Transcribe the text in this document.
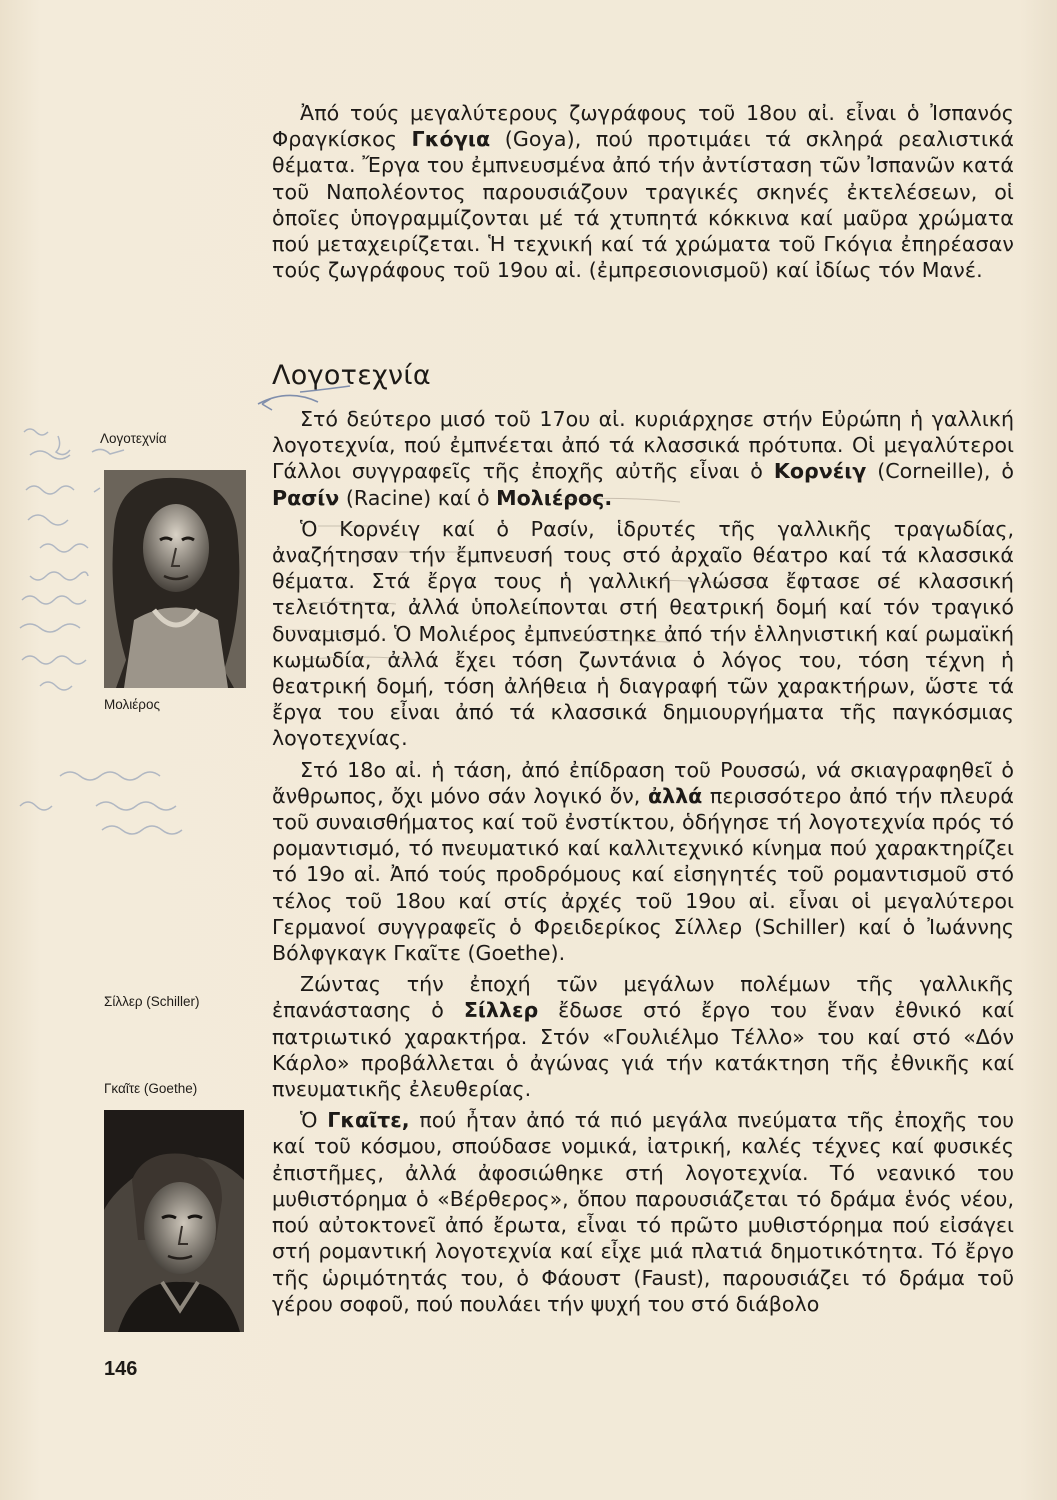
Ἀπό τούς μεγαλύτερους ζωγράφους τοῦ 18ου αἰ. εἶναι ὁ Ἰσπανός Φραγκίσκος Γκόγια (Goya), πού προτιμάει τά σκληρά ρεαλιστικά θέματα. Ἔργα του ἐμπνευσμένα ἀπό τήν ἀντίσταση τῶν Ἰσπανῶν κατά τοῦ Ναπολέοντος παρουσιάζουν τραγικές σκηνές ἐκτελέσεων, οἱ ὁποῖες ὑπογραμμίζονται μέ τά χτυπητά κόκκινα καί μαῦρα χρώματα πού μεταχειρίζεται. Ἡ τεχνική καί τά χρώματα τοῦ Γκόγια ἐπηρέασαν τούς ζωγράφους τοῦ 19ου αἰ. (ἐμπρεσιονισμοῦ) καί ἰδίως τόν Μανέ.

Λογοτεχνία

Στό δεύτερο μισό τοῦ 17ου αἰ. κυριάρχησε στήν Εὐρώπη ἡ γαλλική λογοτεχνία, πού ἐμπνέεται ἀπό τά κλασσικά πρότυπα. Οἱ μεγαλύτεροι Γάλλοι συγγραφεῖς τῆς ἐποχῆς αὐτῆς εἶναι ὁ Κορνέιγ (Corneille), ὁ Ρασίν (Racine) καί ὁ Μολιέρος.

Ὁ Κορνέιγ καί ὁ Ρασίν, ἱδρυτές τῆς γαλλικῆς τραγωδίας, ἀναζήτησαν τήν ἔμπνευσή τους στό ἀρχαῖο θέατρο καί τά κλασσικά θέματα. Στά ἔργα τους ἡ γαλλική γλώσσα ἔφτασε σέ κλασσική τελειότητα, ἀλλά ὑπολείπονται στή θεατρική δομή καί τόν τραγικό δυναμισμό. Ὁ Μολιέρος ἐμπνεύστηκε ἀπό τήν ἑλληνιστική καί ρωμαϊκή κωμωδία, ἀλλά ἔχει τόση ζωντάνια ὁ λόγος του, τόση τέχνη ἡ θεατρική δομή, τόση ἀλήθεια ἡ διαγραφή τῶν χαρακτήρων, ὥστε τά ἔργα του εἶναι ἀπό τά κλασσικά δημιουργήματα τῆς παγκόσμιας λογοτεχνίας.

Στό 18ο αἰ. ἡ τάση, ἀπό ἐπίδραση τοῦ Ρουσσώ, νά σκιαγραφηθεῖ ὁ ἄνθρωπος, ὄχι μόνο σάν λογικό ὄν, ἀλλά περισσότερο ἀπό τήν πλευρά τοῦ συναισθήματος καί τοῦ ἐνστίκτου, ὁδήγησε τή λογοτεχνία πρός τό ρομαντισμό, τό πνευματικό καί καλλιτεχνικό κίνημα πού χαρακτηρίζει τό 19ο αἰ. Ἀπό τούς προδρόμους καί εἰσηγητές τοῦ ρομαντισμοῦ στό τέλος τοῦ 18ου καί στίς ἀρχές τοῦ 19ου αἰ. εἶναι οἱ μεγαλύτεροι Γερμανοί συγγραφεῖς ὁ Φρειδερίκος Σίλλερ (Schiller) καί ὁ Ἰωάννης Βόλφγκαγκ Γκαῖτε (Goethe).

Ζώντας τήν ἐποχή τῶν μεγάλων πολέμων τῆς γαλλικῆς ἐπανάστασης ὁ Σίλλερ ἔδωσε στό ἔργο του ἕναν ἐθνικό καί πατριωτικό χαρακτήρα. Στόν «Γουλιέλμο Τέλλο» του καί στό «Δόν Κάρλο» προβάλλεται ὁ ἀγώνας γιά τήν κατάκτηση τῆς ἐθνικῆς καί πνευματικῆς ἐλευθερίας.

Ὁ Γκαῖτε, πού ἦταν ἀπό τά πιό μεγάλα πνεύματα τῆς ἐποχῆς του καί τοῦ κόσμου, σπούδασε νομικά, ἰατρική, καλές τέχνες καί φυσικές ἐπιστῆμες, ἀλλά ἀφοσιώθηκε στή λογοτεχνία. Τό νεανικό του μυθιστόρημα ὁ «Βέρθερος», ὅπου παρουσιάζεται τό δράμα ἑνός νέου, πού αὐτοκτονεῖ ἀπό ἔρωτα, εἶναι τό πρῶτο μυθιστόρημα πού εἰσάγει στή ρομαντική λογοτεχνία καί εἶχε μιά πλατιά δημοτικότητα. Τό ἔργο τῆς ὡριμότητάς του, ὁ Φάουστ (Faust), παρουσιάζει τό δράμα τοῦ γέρου σοφοῦ, πού πουλάει τήν ψυχή του στό διάβολο

Λογοτεχνία
Μολιέρος
Σίλλερ (Schiller)
Γκαῖτε (Goethe)
146
